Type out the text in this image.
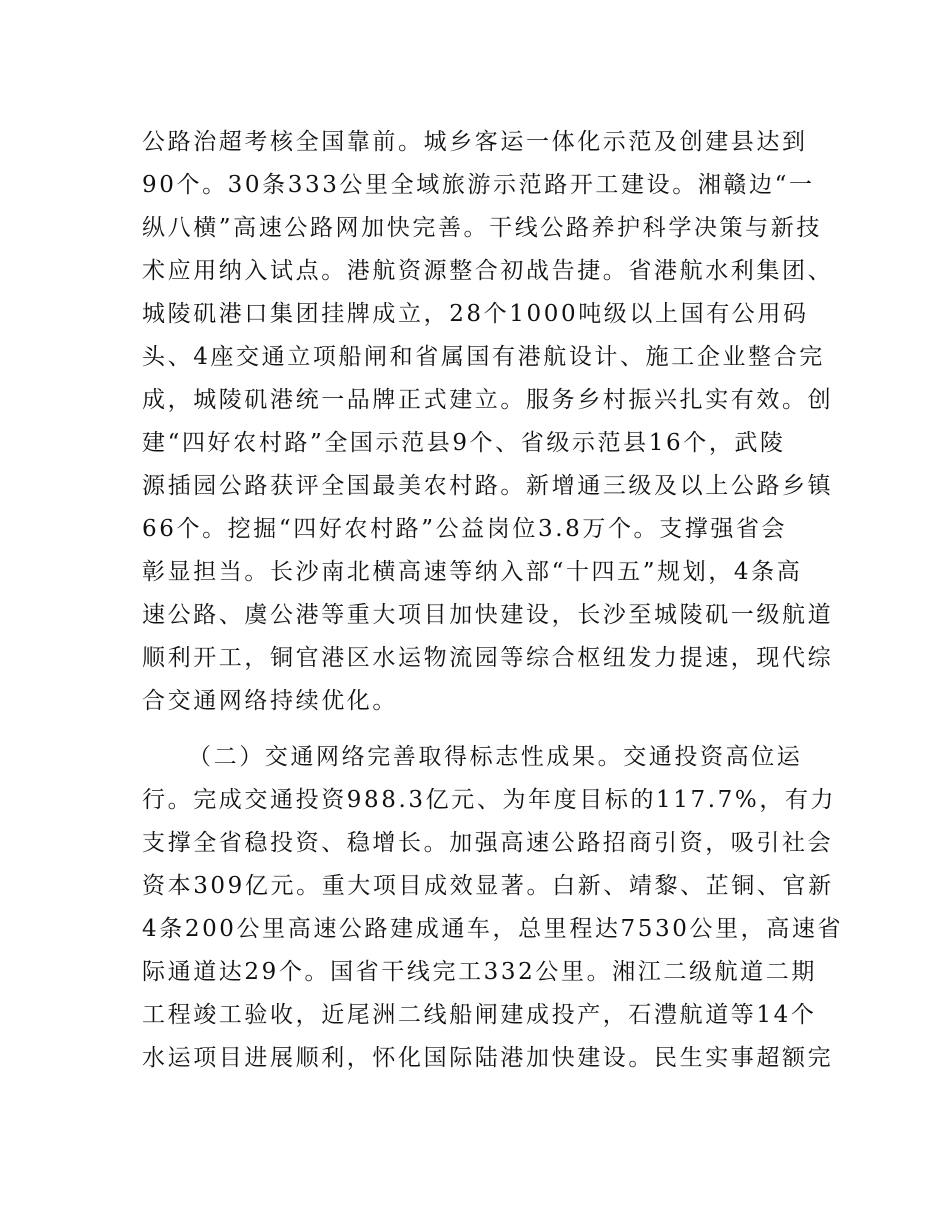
公路治超考核全国靠前。城乡客运一体化示范及创建县达到
90个。30条333公里全域旅游示范路开工建设。湘赣边“一
纵八横”高速公路网加快完善。干线公路养护科学决策与新技
术应用纳入试点。港航资源整合初战告捷。省港航水利集团、
城陵矶港口集团挂牌成立，28个1000吨级以上国有公用码
头、4座交通立项船闸和省属国有港航设计、施工企业整合完
成，城陵矶港统一品牌正式建立。服务乡村振兴扎实有效。创
建“四好农村路”全国示范县9个、省级示范县16个，武陵
源插园公路获评全国最美农村路。新增通三级及以上公路乡镇
66个。挖掘“四好农村路”公益岗位3.8万个。支撑强省会
彰显担当。长沙南北横高速等纳入部“十四五”规划，4条高
速公路、虞公港等重大项目加快建设，长沙至城陵矶一级航道
顺利开工，铜官港区水运物流园等综合枢纽发力提速，现代综
合交通网络持续优化。
（二）交通网络完善取得标志性成果。交通投资高位运
行。完成交通投资988.3亿元、为年度目标的117.7%，有力
支撑全省稳投资、稳增长。加强高速公路招商引资，吸引社会
资本309亿元。重大项目成效显著。白新、靖黎、芷铜、官新
4条200公里高速公路建成通车，总里程达7530公里，高速省
际通道达29个。国省干线完工332公里。湘江二级航道二期
工程竣工验收，近尾洲二线船闸建成投产，石澧航道等14个
水运项目进展顺利，怀化国际陆港加快建设。民生实事超额完
